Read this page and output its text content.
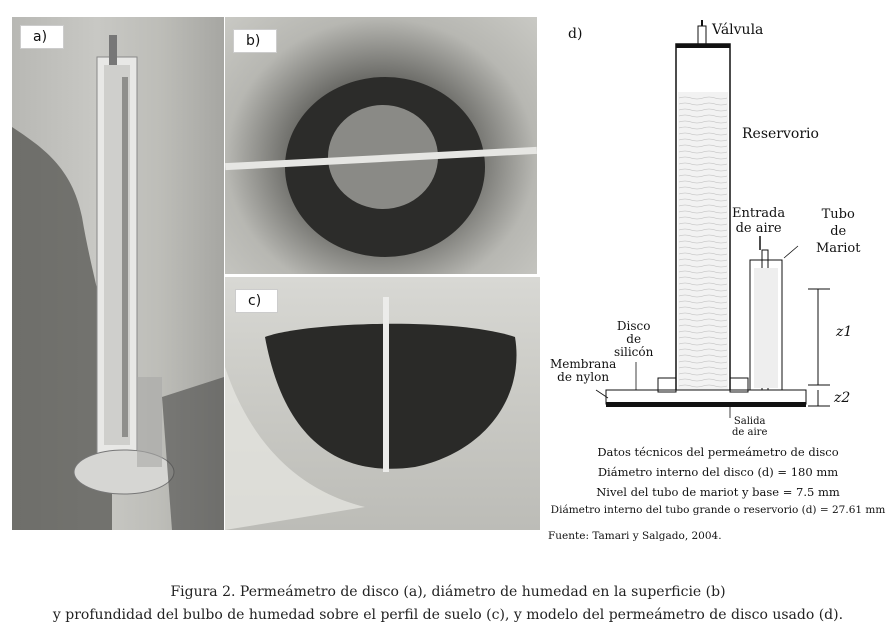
a)	b)
c)
d)	Válvula
Reservorio
Entrada
de aire
Tubo
de
Mariot
Disco
de
silicón
Membrana
de nylon
Salida
de aire
z1
z2
Datos técnicos del permeámetro de disco
Diámetro interno del disco (d) = 180 mm
Nivel del tubo de mariot y base = 7.5 mm
Diámetro interno del tubo grande o reservorio (d) = 27.61 mm
Fuente: Tamari y Salgado, 2004.
Figura 2. Permeámetro de disco (a), diámetro de humedad en la superficie (b)
y profundidad del bulbo de humedad sobre el perfil de suelo (c), y modelo del permeámetro de disco usado (d).
